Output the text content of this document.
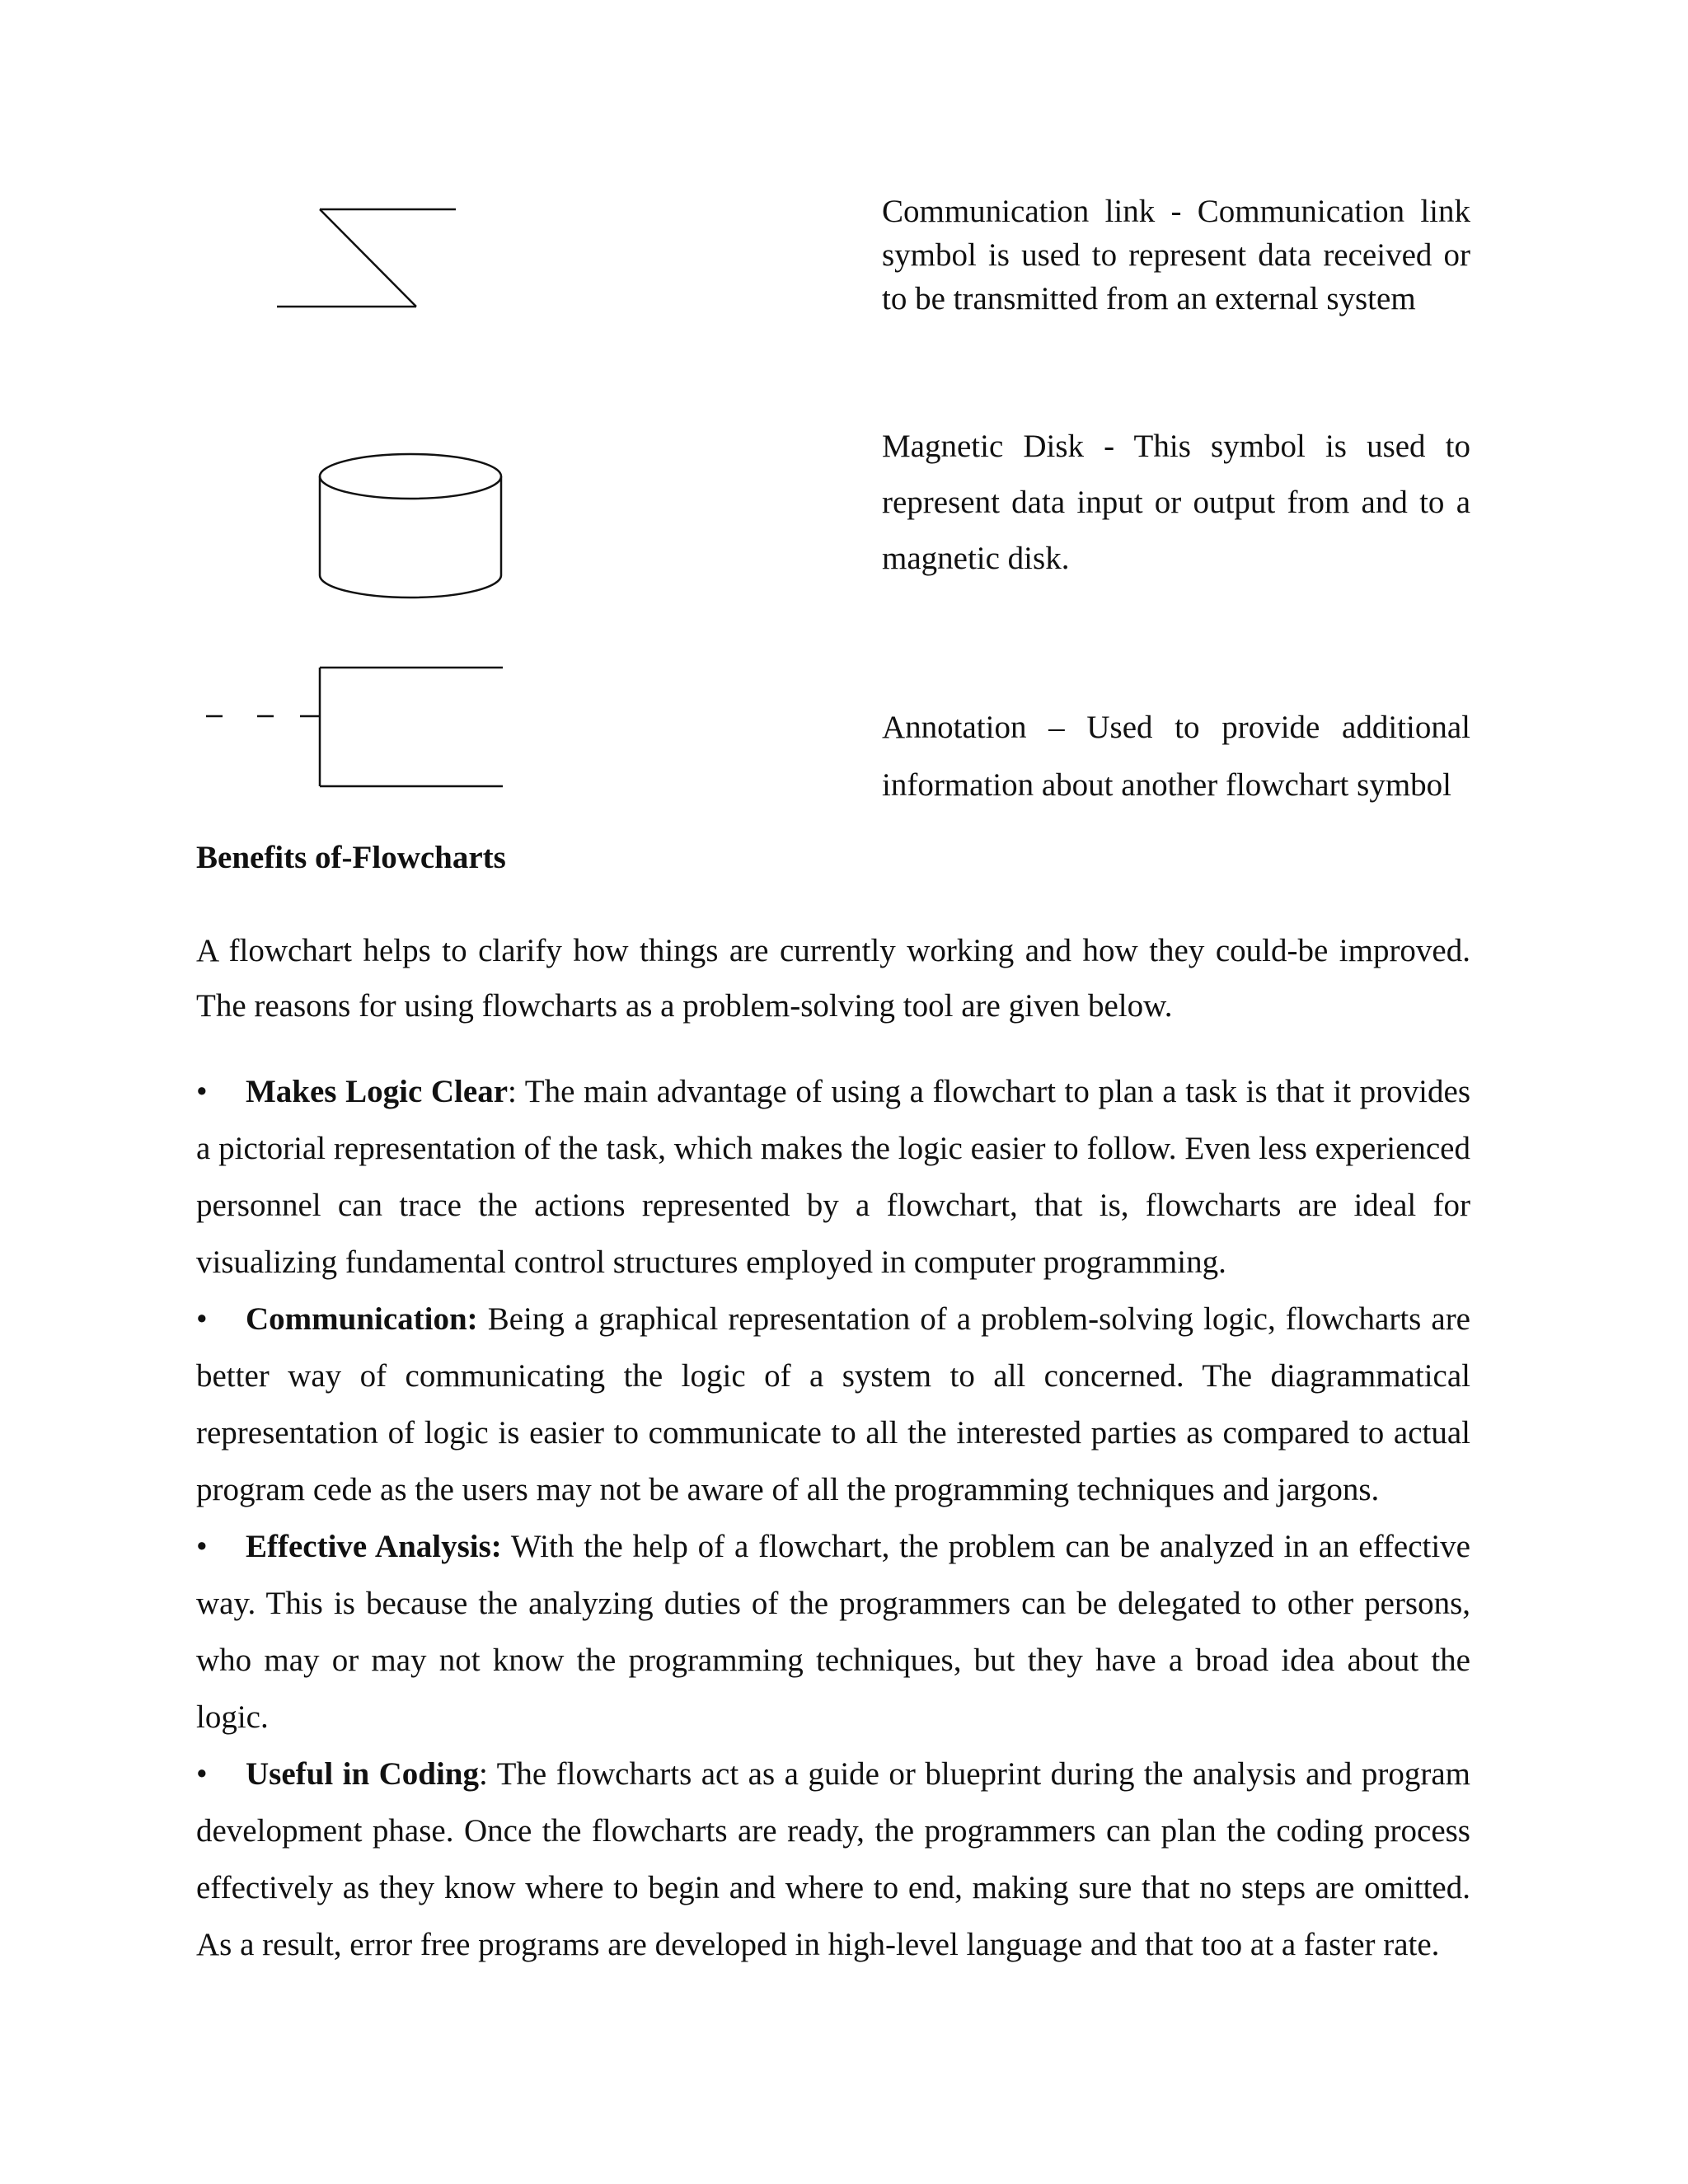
Communication link - Communication link symbol is used to represent data received or to be transmitted from an external system
Magnetic Disk - This symbol is used to represent data input or output from and to a magnetic disk.
Annotation – Used to provide additional information about another flowchart symbol
Benefits of-Flowcharts
A flowchart helps to clarify how things are currently working and how they could-be improved. The reasons for using flowcharts as a problem-solving tool are given below.

• Makes Logic Clear: The main advantage of using a flowchart to plan a task is that it provides a pictorial representation of the task, which makes the logic easier to follow. Even less experienced personnel can trace the actions represented by a flowchart, that is, flowcharts are ideal for visualizing fundamental control structures employed in computer programming.

• Communication: Being a graphical representation of a problem-solving logic, flowcharts are better way of communicating the logic of a system to all concerned. The diagrammatical representation of logic is easier to communicate to all the interested parties as compared to actual program cede as the users may not be aware of all the programming techniques and jargons.

• Effective Analysis: With the help of a flowchart, the problem can be analyzed in an effective way. This is because the analyzing duties of the programmers can be delegated to other persons, who may or may not know the programming techniques, but they have a broad idea about the logic.

• Useful in Coding: The flowcharts act as a guide or blueprint during the analysis and program development phase. Once the flowcharts are ready, the programmers can plan the coding process effectively as they know where to begin and where to end, making sure that no steps are omitted. As a result, error free programs are developed in high-level language and that too at a faster rate.
